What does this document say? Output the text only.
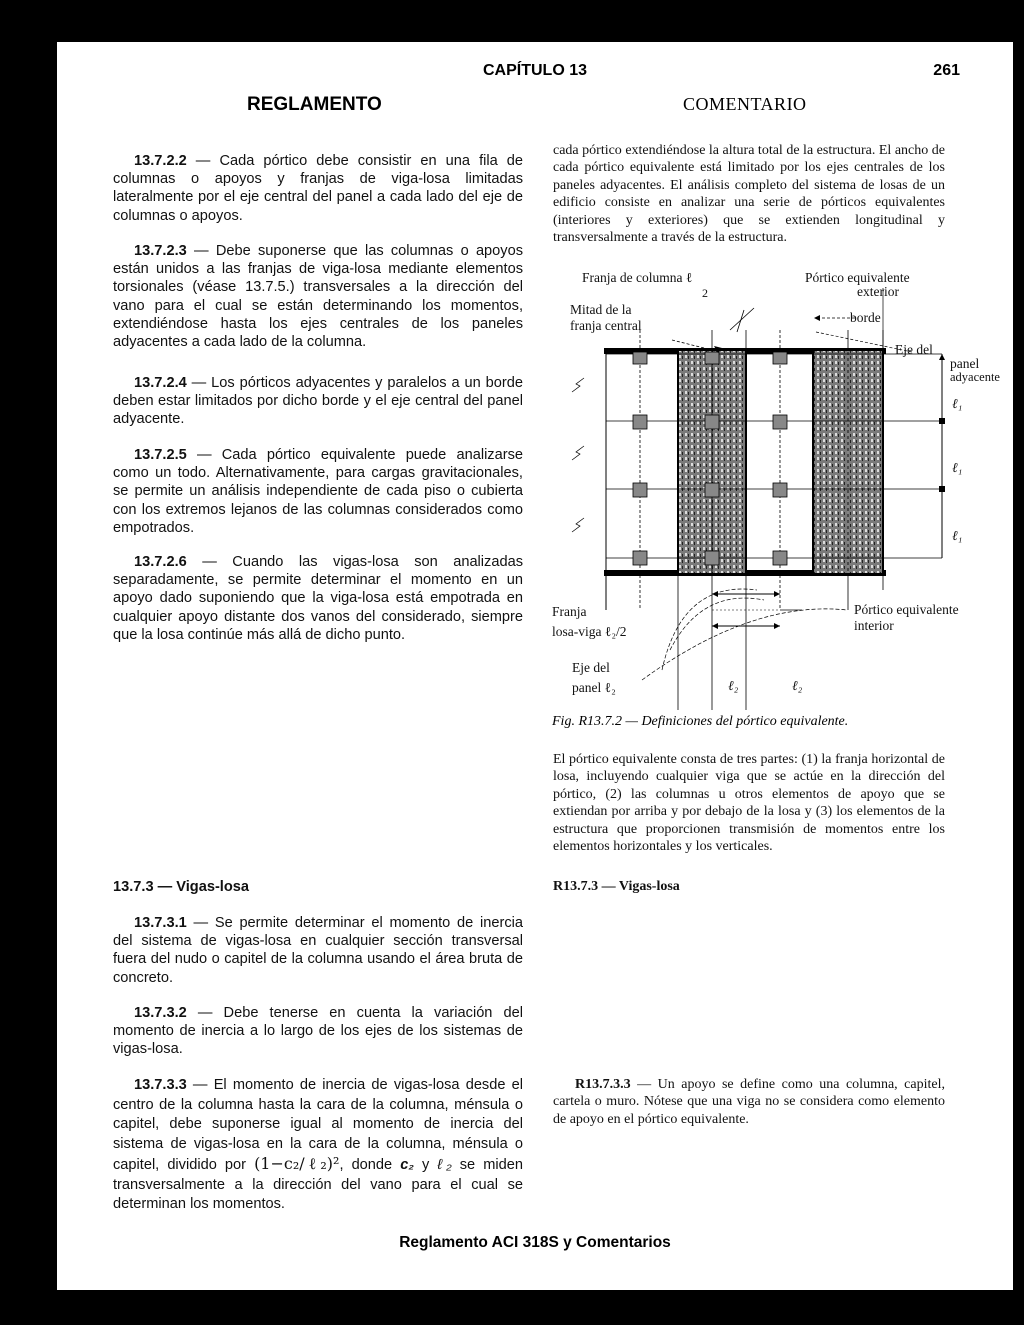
CAPÍTULO 13	261
REGLAMENTO	COMENTARIO

13.7.2.2 — Cada pórtico debe consistir en una fila de columnas o apoyos y franjas de viga-losa limitadas lateralmente por el eje central del panel a cada lado del eje de columnas o apoyos.

13.7.2.3 — Debe suponerse que las columnas o apoyos están unidos a las franjas de viga-losa mediante elementos torsionales (véase 13.7.5.) transversales a la dirección del vano para el cual se están determinando los momentos, extendiéndose hasta los ejes centrales de los paneles adyacentes a cada lado de la columna.

13.7.2.4 — Los pórticos adyacentes y paralelos a un borde deben estar limitados por dicho borde y el eje central del panel adyacente.

13.7.2.5 — Cada pórtico equivalente puede analizarse como un todo. Alternativamente, para cargas gravitacionales, se permite un análisis independiente de cada piso o cubierta con los extremos lejanos de las columnas considerados como empotrados.

13.7.2.6 — Cuando las vigas-losa son analizadas separadamente, se permite determinar el momento en un apoyo dado suponiendo que la viga-losa está empotrada en cualquier apoyo distante dos vanos del considerado, siempre que la losa continúe más allá de dicho punto.

13.7.3 — Vigas-losa

13.7.3.1 — Se permite determinar el momento de inercia del sistema de vigas-losa en cualquier sección transversal fuera del nudo o capitel de la columna usando el área bruta de concreto.

13.7.3.2 — Debe tenerse en cuenta la variación del momento de inercia a lo largo de los ejes de los sistemas de vigas-losa.

13.7.3.3 — El momento de inercia de vigas-losa desde el centro de la columna hasta la cara de la columna, ménsula o capitel, debe suponerse igual al momento de inercia del sistema de vigas-losa en la cara de la columna, ménsula o capitel, dividido por (1−c₂/ℓ₂)², donde c₂ y ℓ₂ se miden transversalmente a la dirección del vano para el cual se determinan los momentos.

cada pórtico extendiéndose la altura total de la estructura. El ancho de cada pórtico equivalente está limitado por los ejes centrales de los paneles adyacentes. El análisis completo del sistema de losas de un edificio consiste en analizar una serie de pórticos equivalentes (interiores y exteriores) que se extienden longitudinal y transversalmente a través de la estructura.

Franja de columna ℓ
2
Mitad de la
franja central
Pórtico equivalente
exterior
borde
Eje del
panel
adyacente
ℓ₁
ℓ₁
ℓ₁
Franja
losa-viga ℓ₂/2
Pórtico equivalente
interior
Eje del
panel ℓ₂	ℓ₂	ℓ₂
Fig. R13.7.2 — Definiciones del pórtico equivalente.

El pórtico equivalente consta de tres partes: (1) la franja horizontal de losa, incluyendo cualquier viga que se actúe en la dirección del pórtico, (2) las columnas u otros elementos de apoyo que se extiendan por arriba y por debajo de la losa y (3) los elementos de la estructura que proporcionen transmisión de momentos entre los elementos horizontales y los verticales.

R13.7.3 — Vigas-losa

R13.7.3.3 — Un apoyo se define como una columna, capitel, cartela o muro. Nótese que una viga no se considera como elemento de apoyo en el pórtico equivalente.

Reglamento ACI 318S y Comentarios
